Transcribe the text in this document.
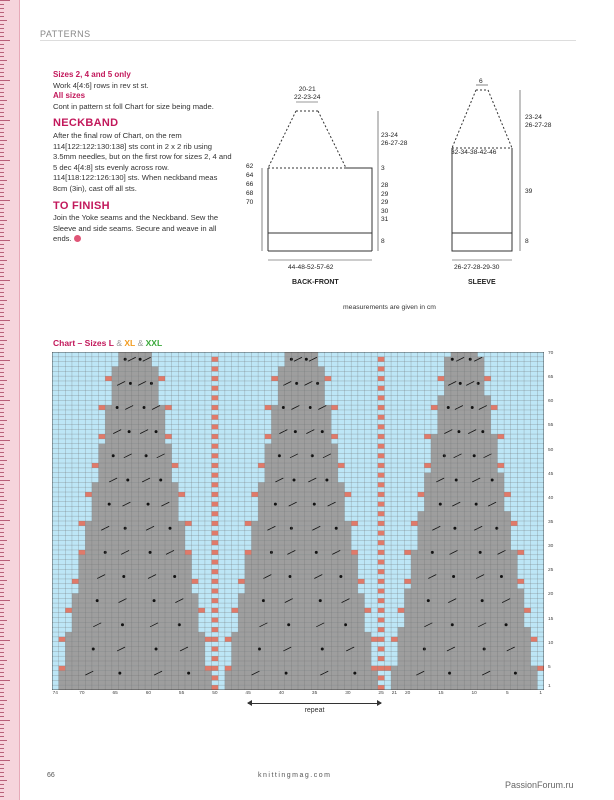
PATTERNS

Sizes 2, 4 and 5 only

Work 4[4:6] rows in rev st st.

All sizes

Cont in pattern st foll Chart for size being made.

NECKBAND

After the final row of Chart, on the rem 114[122:122:130:138] sts cont in 2 x 2 rib using 3.5mm needles, but on the first row for sizes 2, 4 and 5 dec 4[4:8] sts evenly across row. 114[118:122:126:130] sts. When neckband meas 8cm (3in), cast off all sts.

TO FINISH

Join the Yoke seams and the Neckband. Sew the Sleeve and side seams. Secure and weave in all ends.

20-21
22-23-24
23-24
26-27-28
3
28
29
29
30
31
8
62
64
66
68
70
44-48-52-57-62
BACK-FRONT
6
23-24
26-27-28
32-34-38-42-46
39
8
26-27-28-29-30
SLEEVE
measurements are given in cm
Chart – Sizes L & XL & XXL
70
65
60
55
50
45
40
35
30
25
20
15
10
5
1
74	70	65	60	55	50	45	40	35	30	25 21 20	15	10	5	1
repeat
66	knittingmag.com
PassionForum.ru
